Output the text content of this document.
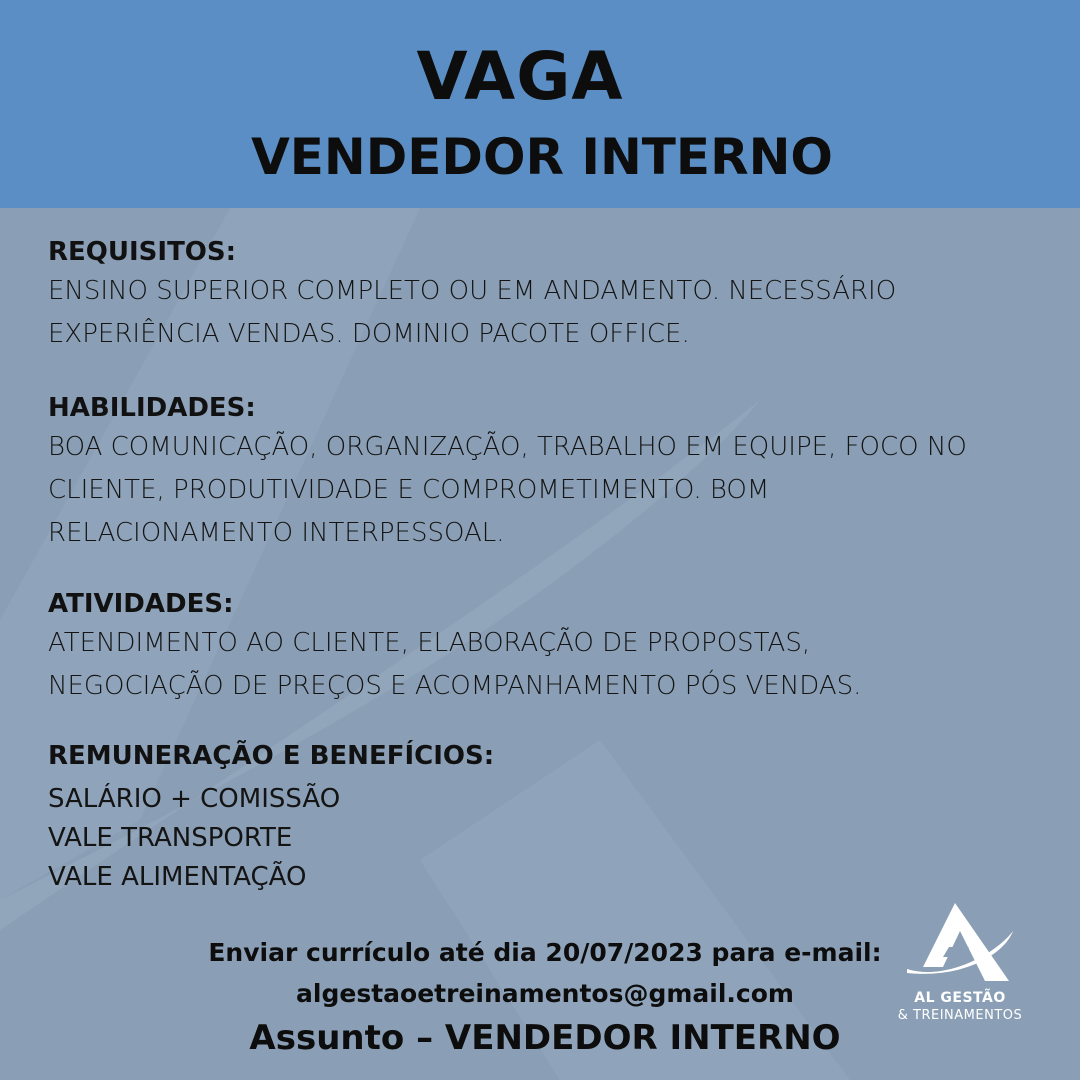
VAGA
VENDEDOR INTERNO
REQUISITOS:
ENSINO SUPERIOR COMPLETO OU EM ANDAMENTO. NECESSÁRIO
EXPERIÊNCIA VENDAS. DOMINIO PACOTE OFFICE.
HABILIDADES:
BOA COMUNICAÇÃO, ORGANIZAÇÃO, TRABALHO EM EQUIPE, FOCO NO
CLIENTE, PRODUTIVIDADE E COMPROMETIMENTO. BOM
RELACIONAMENTO INTERPESSOAL.
ATIVIDADES:
ATENDIMENTO AO CLIENTE, ELABORAÇÃO DE PROPOSTAS,
NEGOCIAÇÃO DE PREÇOS E ACOMPANHAMENTO PÓS VENDAS.
REMUNERAÇÃO E BENEFÍCIOS:
SALÁRIO + COMISSÃO
VALE TRANSPORTE
VALE ALIMENTAÇÃO
Enviar currículo até dia 20/07/2023 para e-mail:
algestaoetreinamentos@gmail.com
Assunto – VENDEDOR INTERNO
AL GESTÃO
& TREINAMENTOS
